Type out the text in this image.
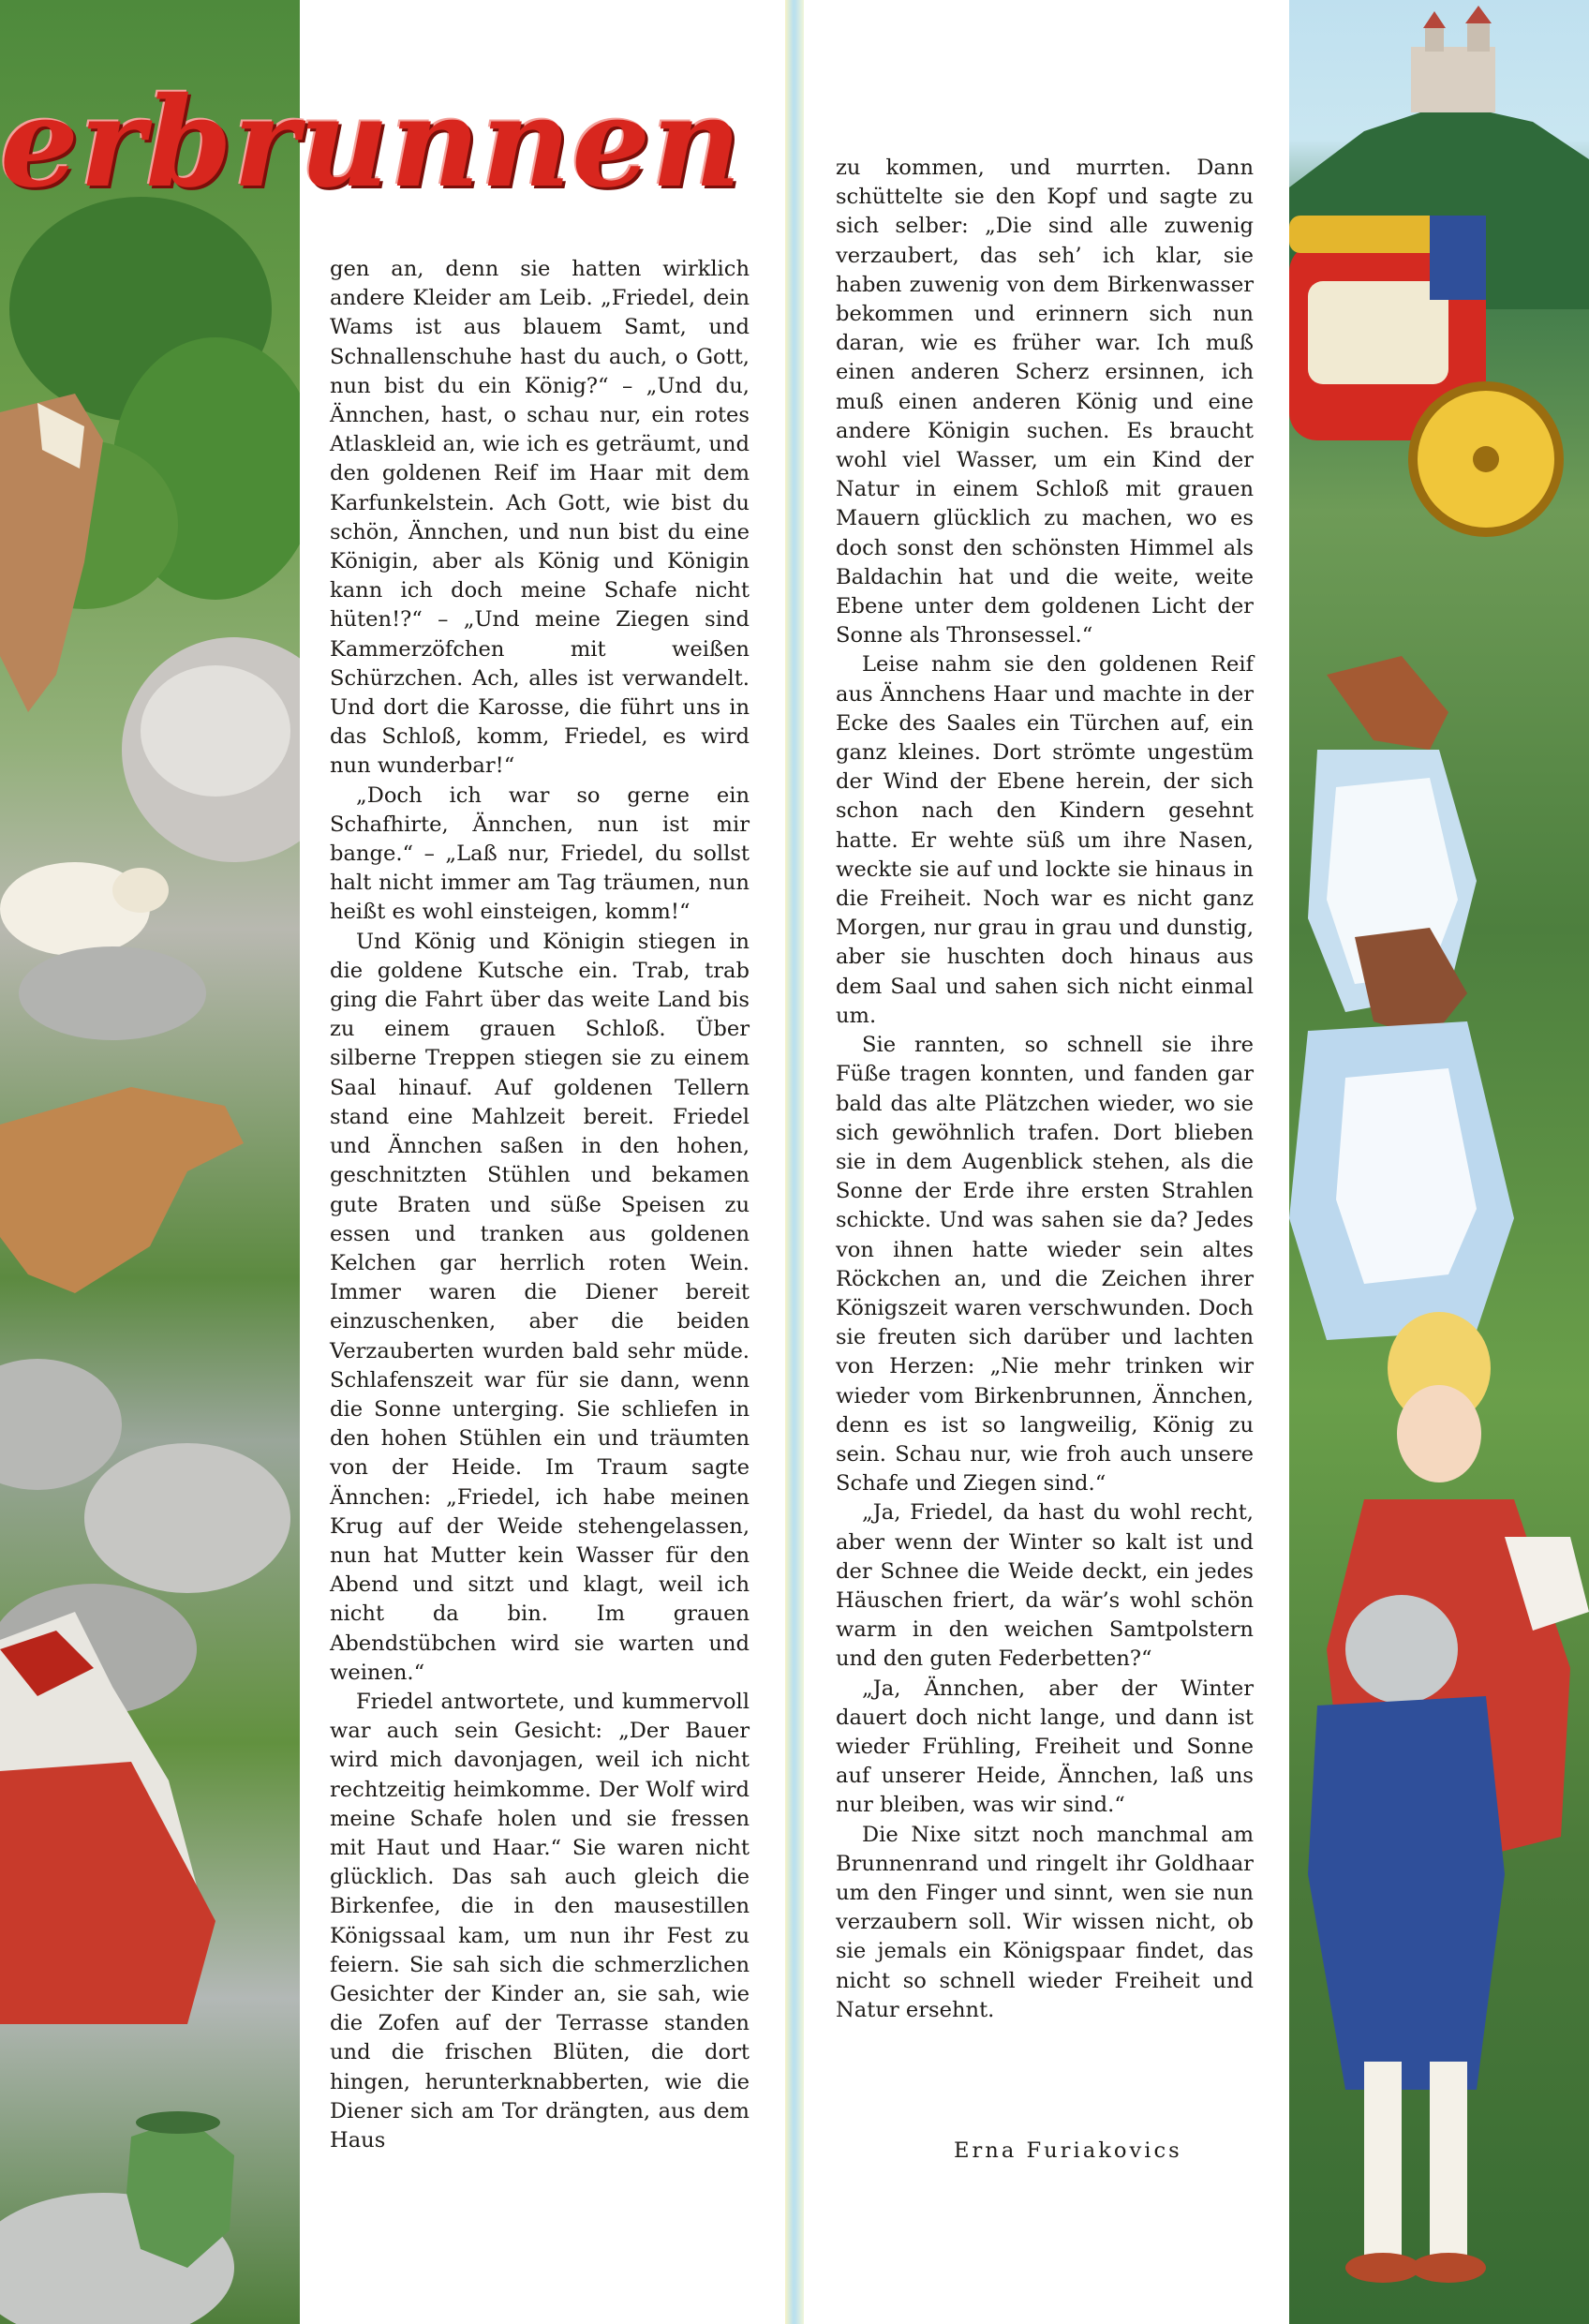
erbrunnen

gen an, denn sie hatten wirklich andere Kleider am Leib. „Friedel, dein Wams ist aus blauem Samt, und Schnallenschuhe hast du auch, o Gott, nun bist du ein König?“ – „Und du, Ännchen, hast, o schau nur, ein rotes Atlaskleid an, wie ich es geträumt, und den goldenen Reif im Haar mit dem Karfunkelstein. Ach Gott, wie bist du schön, Ännchen, und nun bist du eine Königin, aber als König und Königin kann ich doch meine Schafe nicht hüten!?“ – „Und meine Ziegen sind Kammerzöfchen mit weißen Schürzchen. Ach, alles ist verwandelt. Und dort die Karosse, die führt uns in das Schloß, komm, Friedel, es wird nun wunderbar!“

„Doch ich war so gerne ein Schafhirte, Ännchen, nun ist mir bange.“ – „Laß nur, Friedel, du sollst halt nicht immer am Tag träumen, nun heißt es wohl einsteigen, komm!“

Und König und Königin stiegen in die goldene Kutsche ein. Trab, trab ging die Fahrt über das weite Land bis zu einem grauen Schloß. Über silberne Treppen stiegen sie zu einem Saal hinauf. Auf goldenen Tellern stand eine Mahlzeit bereit. Friedel und Ännchen saßen in den hohen, geschnitzten Stühlen und bekamen gute Braten und süße Speisen zu essen und tranken aus goldenen Kelchen gar herrlich roten Wein. Immer waren die Diener bereit einzuschenken, aber die beiden Verzauberten wurden bald sehr müde. Schlafenszeit war für sie dann, wenn die Sonne unterging. Sie schliefen in den hohen Stühlen ein und träumten von der Heide. Im Traum sagte Ännchen: „Friedel, ich habe meinen Krug auf der Weide stehengelassen, nun hat Mutter kein Wasser für den Abend und sitzt und klagt, weil ich nicht da bin. Im grauen Abendstübchen wird sie warten und weinen.“

Friedel antwortete, und kummervoll war auch sein Gesicht: „Der Bauer wird mich davonjagen, weil ich nicht rechtzeitig heimkomme. Der Wolf wird meine Schafe holen und sie fressen mit Haut und Haar.“ Sie waren nicht glücklich. Das sah auch gleich die Birkenfee, die in den mausestillen Königssaal kam, um nun ihr Fest zu feiern. Sie sah sich die schmerzlichen Gesichter der Kinder an, sie sah, wie die Zofen auf der Terrasse standen und die frischen Blüten, die dort hingen, herunterknabberten, wie die Diener sich am Tor drängten, aus dem Haus

zu kommen, und murrten. Dann schüttelte sie den Kopf und sagte zu sich selber: „Die sind alle zuwenig verzaubert, das seh’ ich klar, sie haben zuwenig von dem Birkenwasser bekommen und erinnern sich nun daran, wie es früher war. Ich muß einen anderen Scherz ersinnen, ich muß einen anderen König und eine andere Königin suchen. Es braucht wohl viel Wasser, um ein Kind der Natur in einem Schloß mit grauen Mauern glücklich zu machen, wo es doch sonst den schönsten Himmel als Baldachin hat und die weite, weite Ebene unter dem goldenen Licht der Sonne als Thronsessel.“

Leise nahm sie den goldenen Reif aus Ännchens Haar und machte in der Ecke des Saales ein Türchen auf, ein ganz kleines. Dort strömte ungestüm der Wind der Ebene herein, der sich schon nach den Kindern gesehnt hatte. Er wehte süß um ihre Nasen, weckte sie auf und lockte sie hinaus in die Freiheit. Noch war es nicht ganz Morgen, nur grau in grau und dunstig, aber sie huschten doch hinaus aus dem Saal und sahen sich nicht einmal um.

Sie rannten, so schnell sie ihre Füße tragen konnten, und fanden gar bald das alte Plätzchen wieder, wo sie sich gewöhnlich trafen. Dort blieben sie in dem Augenblick stehen, als die Sonne der Erde ihre ersten Strahlen schickte. Und was sahen sie da? Jedes von ihnen hatte wieder sein altes Röckchen an, und die Zeichen ihrer Königszeit waren verschwunden. Doch sie freuten sich darüber und lachten von Herzen: „Nie mehr trinken wir wieder vom Birkenbrunnen, Ännchen, denn es ist so langweilig, König zu sein. Schau nur, wie froh auch unsere Schafe und Ziegen sind.“

„Ja, Friedel, da hast du wohl recht, aber wenn der Winter so kalt ist und der Schnee die Weide deckt, ein jedes Häuschen friert, da wär’s wohl schön warm in den weichen Samtpolstern und den guten Federbetten?“

„Ja, Ännchen, aber der Winter dauert doch nicht lange, und dann ist wieder Frühling, Freiheit und Sonne auf unserer Heide, Ännchen, laß uns nur bleiben, was wir sind.“

Die Nixe sitzt noch manchmal am Brunnenrand und ringelt ihr Goldhaar um den Finger und sinnt, wen sie nun verzaubern soll. Wir wissen nicht, ob sie jemals ein Königspaar findet, das nicht so schnell wieder Freiheit und Natur ersehnt.

Erna Furiakovics
